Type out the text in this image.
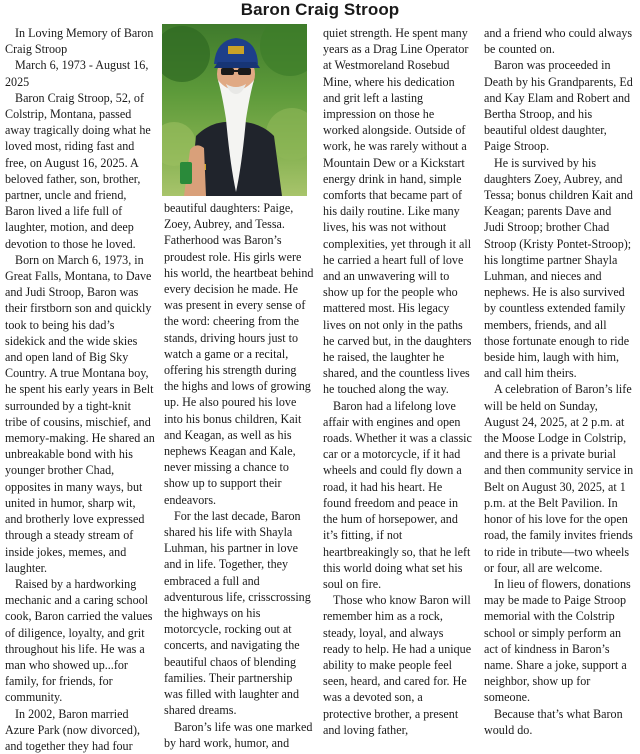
Baron Craig Stroop

In Loving Memory of Baron Craig Stroop

March 6, 1973 - August 16, 2025

Baron Craig Stroop, 52, of Colstrip, Montana, passed away tragically doing what he loved most, riding fast and free, on August 16, 2025. A beloved father, son, brother, partner, uncle and friend, Baron lived a life full of laughter, motion, and deep devotion to those he loved.

Born on March 6, 1973, in Great Falls, Montana, to Dave and Judi Stroop, Baron was their firstborn son and quickly took to being his dad’s sidekick and the wide skies and open land of Big Sky Country. A true Montana boy, he spent his early years in Belt surrounded by a tight-knit tribe of cousins, mischief, and memory-making. He shared an unbreakable bond with his younger brother Chad, opposites in many ways, but united in humor, sharp wit, and brotherly love expressed through a steady stream of inside jokes, memes, and laughter.

Raised by a hardworking mechanic and a caring school cook, Baron carried the values of diligence, loyalty, and grit throughout his life. He was a man who showed up...for family, for friends, for community.

In 2002, Baron married Azure Park (now divorced), and together they had four

beautiful daughters: Paige, Zoey, Aubrey, and Tessa. Fatherhood was Baron’s proudest role. His girls were his world, the heartbeat behind every decision he made. He was present in every sense of the word: cheering from the stands, driving hours just to watch a game or a recital, offering his strength during the highs and lows of growing up. He also poured his love into his bonus children, Kait and Keagan, as well as his nephews Keagan and Kale, never missing a chance to show up to support their endeavors.

For the last decade, Baron shared his life with Shayla Luhman, his partner in love and in life. Together, they embraced a full and adventurous life, crisscrossing the highways on his motorcycle, rocking out at concerts, and navigating the beautiful chaos of blending families. Their partnership was filled with laughter and shared dreams.

Baron’s life was one marked by hard work, humor, and

quiet strength. He spent many years as a Drag Line Operator at Westmoreland Rosebud Mine, where his dedication and grit left a lasting impression on those he worked alongside. Outside of work, he was rarely without a Mountain Dew or a Kickstart energy drink in hand, simple comforts that became part of his daily routine. Like many lives, his was not without complexities, yet through it all he carried a heart full of love and an unwavering will to show up for the people who mattered most. His legacy lives on not only in the paths he carved but, in the daughters he raised, the laughter he shared, and the countless lives he touched along the way.

Baron had a lifelong love affair with engines and open roads. Whether it was a classic car or a motorcycle, if it had wheels and could fly down a road, it had his heart. He found freedom and peace in the hum of horsepower, and it’s fitting, if not heartbreakingly so, that he left this world doing what set his soul on fire.

Those who know Baron will remember him as a rock, steady, loyal, and always ready to help. He had a unique ability to make people feel seen, heard, and cared for. He was a devoted son, a protective brother, a present and loving father,

and a friend who could always be counted on.

Baron was proceeded in Death by his Grandparents, Ed and Kay Elam and Robert and Bertha Stroop, and his beautiful oldest daughter, Paige Stroop.

He is survived by his daughters Zoey, Aubrey, and Tessa; bonus children Kait and Keagan; parents Dave and Judi Stroop; brother Chad Stroop (Kristy Pontet-Stroop); his longtime partner Shayla Luhman, and nieces and nephews. He is also survived by countless extended family members, friends, and all those fortunate enough to ride beside him, laugh with him, and call him theirs.

A celebration of Baron’s life will be held on Sunday, August 24, 2025, at 2 p.m. at the Moose Lodge in Colstrip, and there is a private burial and then community service in Belt on August 30, 2025, at 1 p.m. at the Belt Pavilion. In honor of his love for the open road, the family invites friends to ride in tribute—two wheels or four, all are welcome.

In lieu of flowers, donations may be made to Paige Stroop memorial with the Colstrip school or simply perform an act of kindness in Baron’s name. Share a joke, support a neighbor, show up for someone.

Because that’s what Baron would do.
